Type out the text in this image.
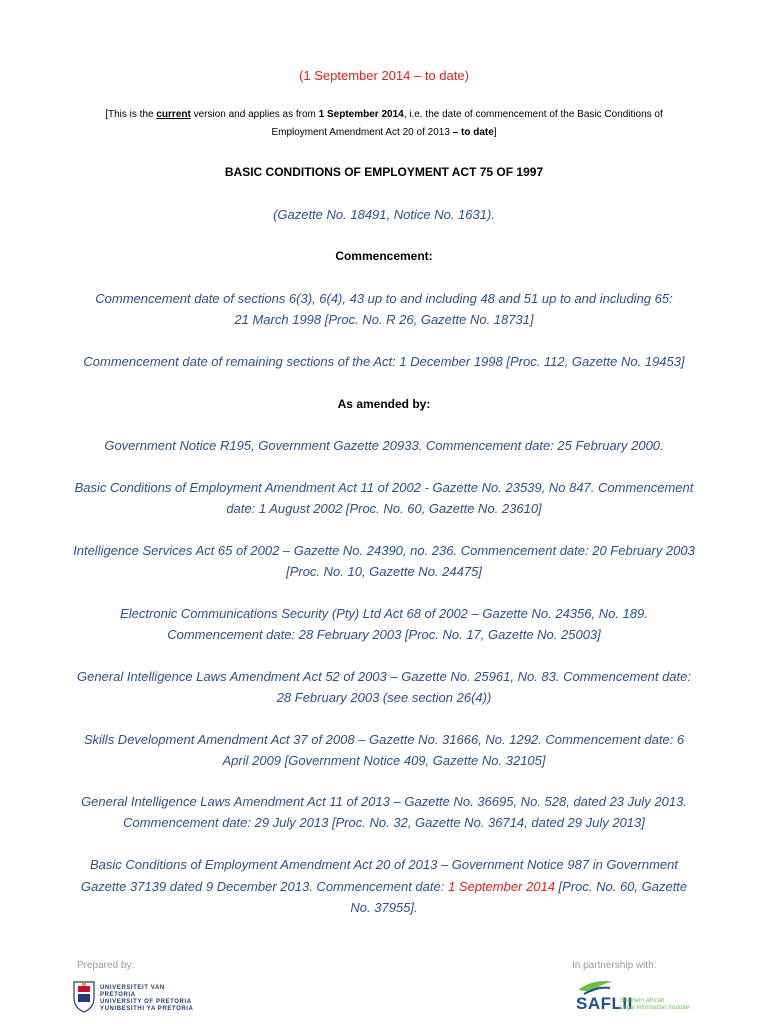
(1 September 2014 – to date)
[This is the current version and applies as from 1 September 2014, i.e. the date of commencement of the Basic Conditions of
Employment Amendment Act 20 of 2013 – to date]
BASIC CONDITIONS OF EMPLOYMENT ACT 75 OF 1997
(Gazette No. 18491, Notice No. 1631).
Commencement:
Commencement date of sections 6(3), 6(4), 43 up to and including 48 and 51 up to and including 65:
21 March 1998 [Proc. No. R 26, Gazette No. 18731]
Commencement date of remaining sections of the Act: 1 December 1998 [Proc. 112, Gazette No. 19453]
As amended by:
Government Notice R195, Government Gazette 20933. Commencement date: 25 February 2000.
Basic Conditions of Employment Amendment Act 11 of 2002 - Gazette No. 23539, No 847. Commencement
date: 1 August 2002 [Proc. No. 60, Gazette No. 23610]
Intelligence Services Act 65 of 2002 – Gazette No. 24390, no. 236. Commencement date: 20 February 2003
[Proc. No. 10, Gazette No. 24475]
Electronic Communications Security (Pty) Ltd Act 68 of 2002 – Gazette No. 24356, No. 189.
Commencement date: 28 February 2003 [Proc. No. 17, Gazette No. 25003]
General Intelligence Laws Amendment Act 52 of 2003 – Gazette No. 25961, No. 83. Commencement date:
28 February 2003 (see section 26(4))
Skills Development Amendment Act 37 of 2008 – Gazette No. 31666, No. 1292. Commencement date: 6
April 2009 [Government Notice 409, Gazette No. 32105]
General Intelligence Laws Amendment Act 11 of 2013 – Gazette No. 36695, No. 528, dated 23 July 2013.
Commencement date: 29 July 2013 [Proc. No. 32, Gazette No. 36714, dated 29 July 2013]
Basic Conditions of Employment Amendment Act 20 of 2013 – Government Notice 987 in Government
Gazette 37139 dated 9 December 2013. Commencement date: 1 September 2014 [Proc. No. 60, Gazette
No. 37955].
Prepared by:	In partnership with:
UNIVERSITEIT VAN PRETORIA
UNIVERSITY OF PRETORIA
YUNIBESITHI YA PRETORIA	SAFLII
Southern African
Legal Information Institute
